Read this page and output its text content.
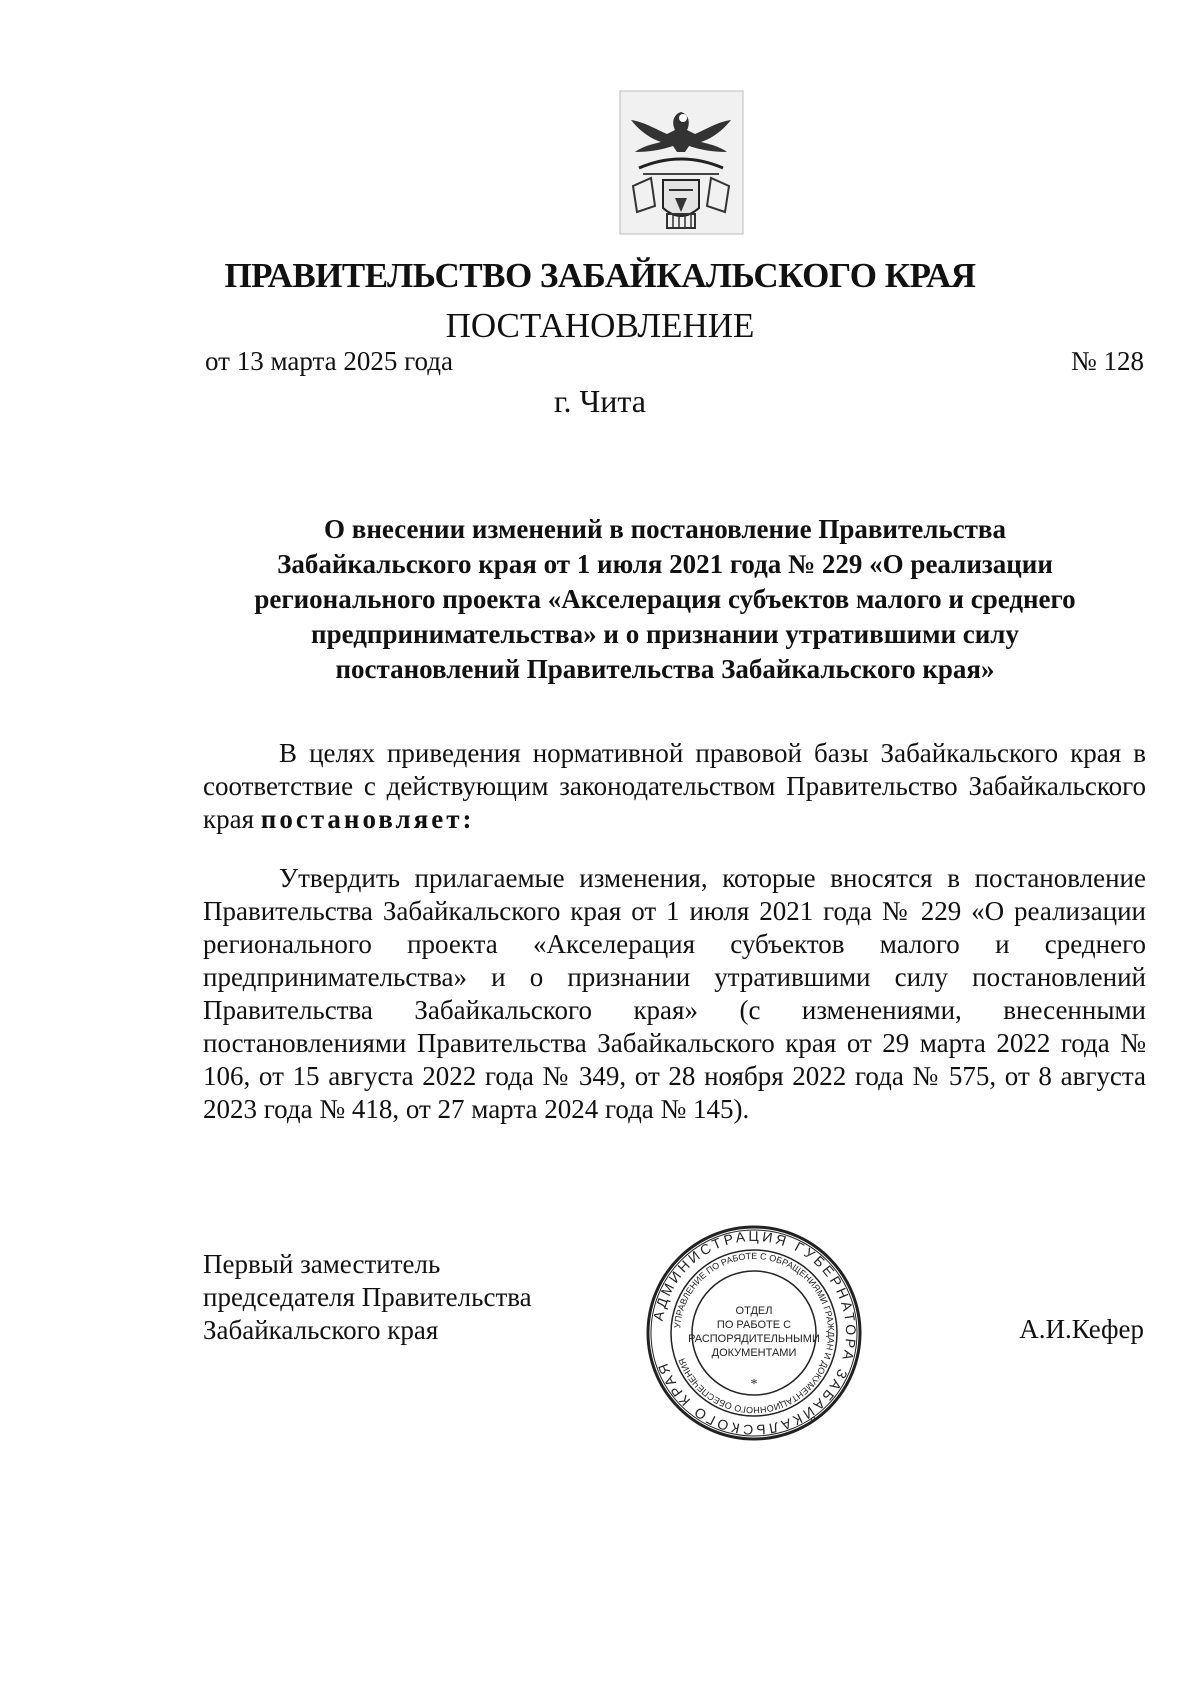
ПРАВИТЕЛЬСТВО ЗАБАЙКАЛЬСКОГО КРАЯ
ПОСТАНОВЛЕНИЕ
от 13 марта 2025 года	№ 128
г. Чита
О внесении изменений в постановление Правительства
Забайкальского края от 1 июля 2021 года № 229 «О реализации
регионального проекта «Акселерация субъектов малого и среднего
предпринимательства» и о признании утратившими силу
постановлений Правительства Забайкальского края»

В целях приведения нормативной правовой базы Забайкальского края в соответствие с действующим законодательством Правительство Забайкальского края постановляет:

Утвердить прилагаемые изменения, которые вносятся в постановление Правительства Забайкальского края от 1 июля 2021 года № 229 «О реализации регионального проекта «Акселерация субъектов малого и среднего предпринимательства» и о признании утратившими силу постановлений Правительства Забайкальского края» (с изменениями, внесенными постановлениями Правительства Забайкальского края от 29 марта 2022 года № 106, от 15 августа 2022 года № 349, от 28 ноября 2022 года № 575, от 8 августа 2023 года № 418, от 27 марта 2024 года № 145).

Первый заместитель
председателя Правительства
Забайкальского края	А.И.Кефер
АДМИНИСТРАЦИЯ ГУБЕРНАТОРА ЗАБАЙКАЛЬСКОГО КРАЯ
УПРАВЛЕНИЕ ПО РАБОТЕ С ОБРАЩЕНИЯМИ ГРАЖДАН И ДОКУМЕНТАЦИОННОГО ОБЕСПЕЧЕНИЯ
ОТДЕЛ
ПО РАБОТЕ С
РАСПОРЯДИТЕЛЬНЫМИ
ДОКУМЕНТАМИ
*
